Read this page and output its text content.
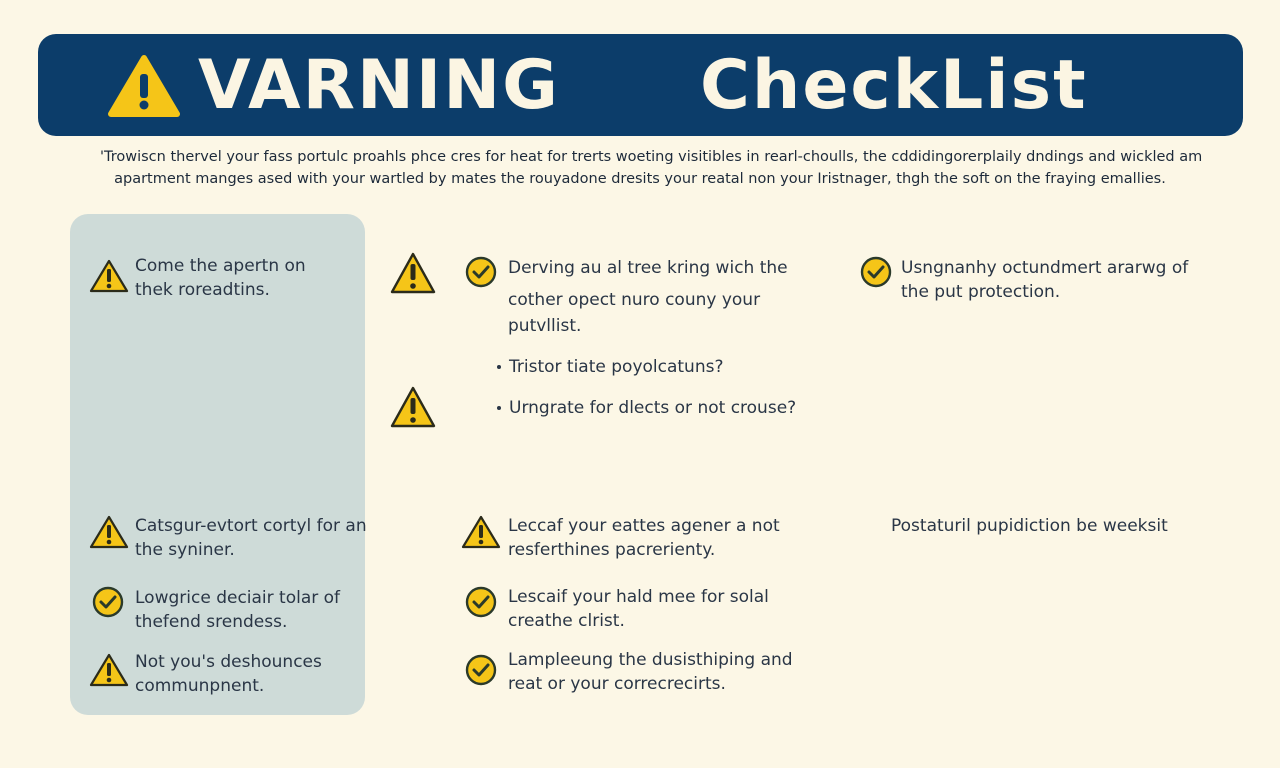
VARNING CheckList
'Trowiscn thervel your fass portulc proahls phce cres for heat for trerts woeting visitibles in rearl-choulls, the cddidingorerplaily dndings and wickled am
apartment manges ased with your wartled by mates the rouyadone dresits your reatal non your Iristnager, thgh the soft on the fraying emallies.
Come the apertn on
thek roreadtins.
Catsgur-evtort cortyl for an
the syniner.
Lowgrice deciair tolar of
thefend srendess.
Not you's deshounces
communpnent.
Derving au al tree kring wich the
cother opect nuro couny your
putvllist.
Tristor tiate poyolcatuns?
Urngrate for dlects or not crouse?
Leccaf your eattes agener a not
resferthines pacrerienty.
Lescaif your hald mee for solal
creathe clrist.
Lampleeung the dusisthiping and
reat or your correcrecirts.
Usngnanhy octundmert ararwg of
the put protection.
Postaturil pupidiction be weeksit
